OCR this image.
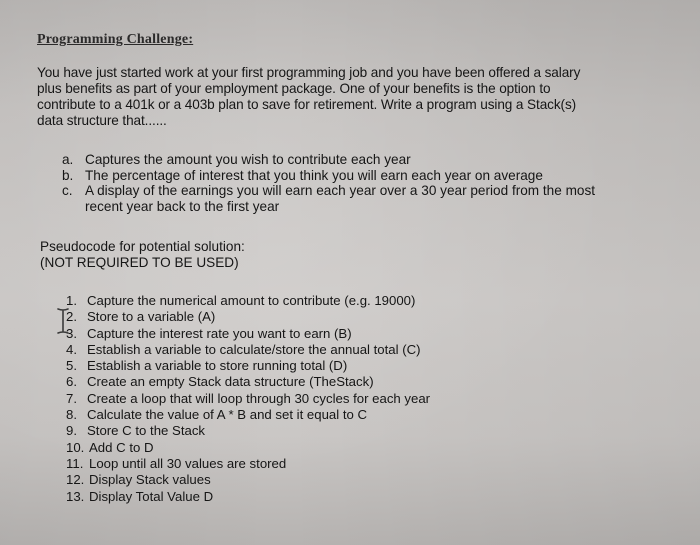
Programming Challenge:
You have just started work at your first programming job and you have been offered a salary
plus benefits as part of your employment package. One of your benefits is the option to
contribute to a 401k or a 403b plan to save for retirement. Write a program using a Stack(s)
data structure that......
a. Captures the amount you wish to contribute each year
b. The percentage of interest that you think you will earn each year on average
c. A display of the earnings you will earn each year over a 30 year period from the most
recent year back to the first year
Pseudocode for potential solution:
(NOT REQUIRED TO BE USED)
1. Capture the numerical amount to contribute (e.g. 19000)
2. Store to a variable (A)
3. Capture the interest rate you want to earn (B)
4. Establish a variable to calculate/store the annual total (C)
5. Establish a variable to store running total (D)
6. Create an empty Stack data structure (TheStack)
7. Create a loop that will loop through 30 cycles for each year
8. Calculate the value of A * B and set it equal to C
9. Store C to the Stack
10. Add C to D
11. Loop until all 30 values are stored
12. Display Stack values
13. Display Total Value D
